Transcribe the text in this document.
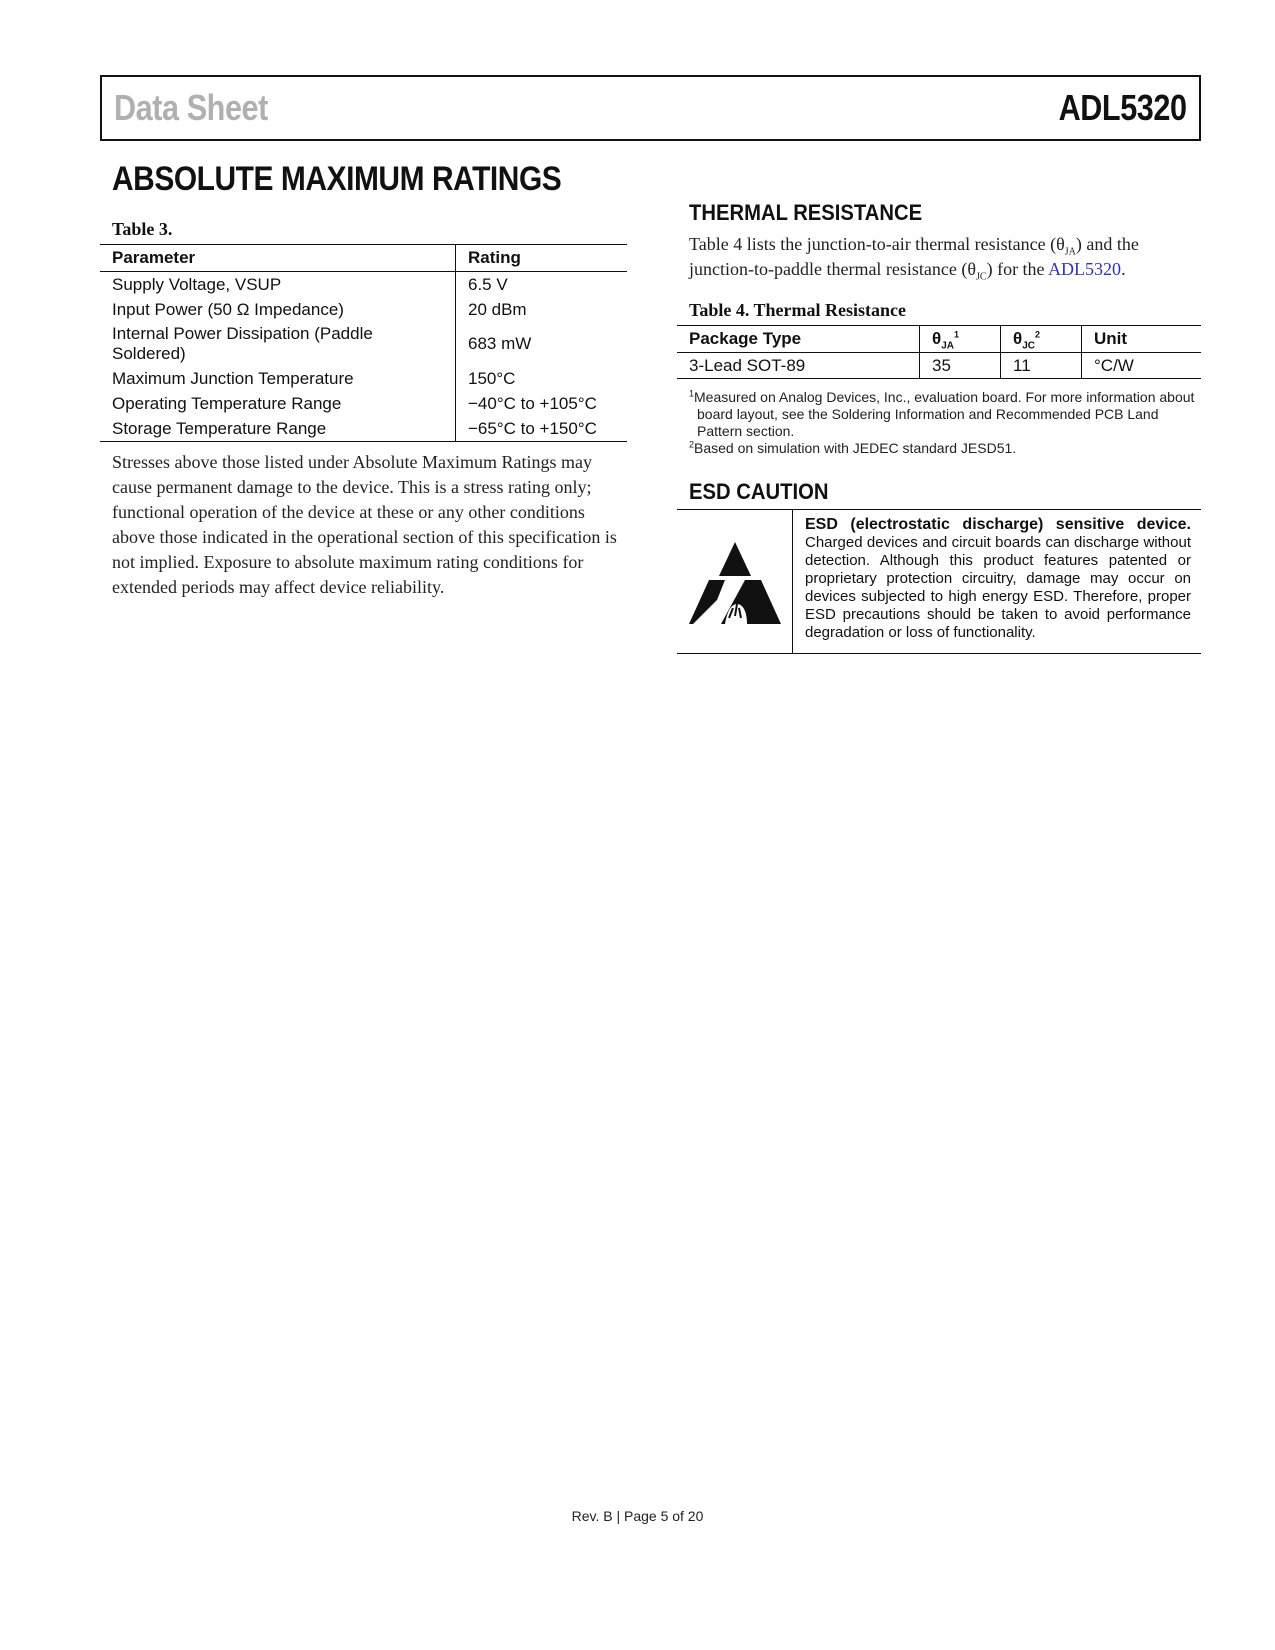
Data Sheet	ADL5320
ABSOLUTE MAXIMUM RATINGS
Table 3.
Parameter	Rating
Supply Voltage, VSUP	6.5 V
Input Power (50 Ω Impedance)	20 dBm
Internal Power Dissipation (Paddle Soldered)	683 mW
Maximum Junction Temperature	150°C
Operating Temperature Range	−40°C to +105°C
Storage Temperature Range	−65°C to +150°C

Stresses above those listed under Absolute Maximum Ratings may cause permanent damage to the device. This is a stress rating only; functional operation of the device at these or any other conditions above those indicated in the operational section of this specification is not implied. Exposure to absolute maximum rating conditions for extended periods may affect device reliability.

THERMAL RESISTANCE

Table 4 lists the junction-to-air thermal resistance $(\theta_{JA})$ and the junction-to-paddle thermal resistance $(\theta_{JC})$ for the ADL5320.

Table 4. Thermal Resistance
Package Type	$\theta_{JA}^1$	$\theta_{JC}^2$	Unit
3-Lead SOT-89	35	11	°C/W
$^1$Measured on Analog Devices, Inc., evaluation board. For more information about board layout, see the Soldering Information and Recommended PCB Land Pattern section.
$^2$Based on simulation with JEDEC standard JESD51.
ESD CAUTION
ESD (electrostatic discharge) sensitive device. Charged devices and circuit boards can discharge without detection. Although this product features patented or proprietary protection circuitry, damage may occur on devices subjected to high energy ESD. Therefore, proper ESD precautions should be taken to avoid performance degradation or loss of functionality.
Rev. B | Page 5 of 20
